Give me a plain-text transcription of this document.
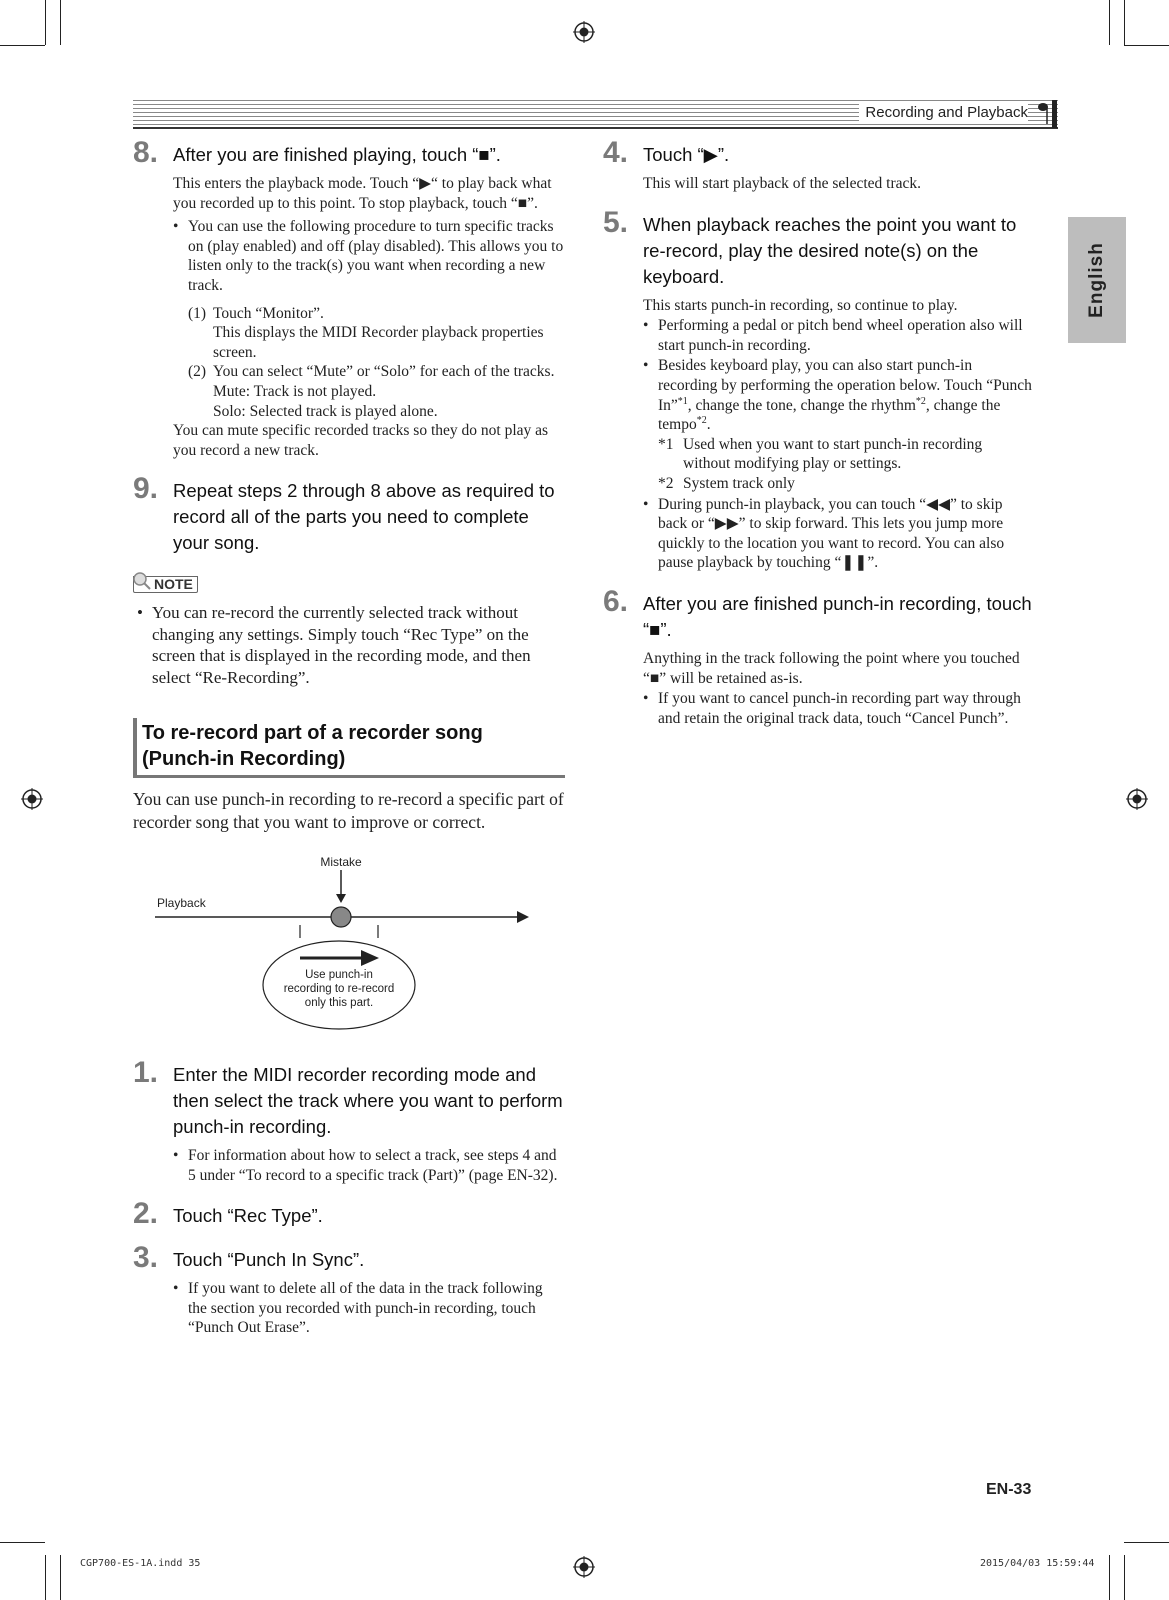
Recording and Playback
English
8. After you are finished playing, touch “■”.
This enters the playback mode. Touch “▶“ to play back what you recorded up to this point. To stop playback, touch “■”.
• You can use the following procedure to turn specific tracks on (play enabled) and off (play disabled). This allows you to listen only to the track(s) you want when recording a new track.
(1) Touch “Monitor”.
This displays the MIDI Recorder playback properties screen.
(2) You can select “Mute” or “Solo” for each of the tracks.
Mute: Track is not played.
Solo: Selected track is played alone.
You can mute specific recorded tracks so they do not play as you record a new track.
9. Repeat steps 2 through 8 above as required to record all of the parts you need to complete your song.
NOTE
• You can re-record the currently selected track without changing any settings. Simply touch “Rec Type” on the screen that is displayed in the recording mode, and then select “Re-Recording”.
To re-record part of a recorder song
(Punch-in Recording)
You can use punch-in recording to re-record a specific part of recorder song that you want to improve or correct.
Mistake
Playback
Use punch-in
recording to re-record
only this part.
1. Enter the MIDI recorder recording mode and then select the track where you want to perform punch-in recording.
• For information about how to select a track, see steps 4 and 5 under “To record to a specific track (Part)” (page EN-32).
2. Touch “Rec Type”.
3. Touch “Punch In Sync”.
• If you want to delete all of the data in the track following the section you recorded with punch-in recording, touch “Punch Out Erase”.
4. Touch “▶”.
This will start playback of the selected track.
5. When playback reaches the point you want to re-record, play the desired note(s) on the keyboard.
This starts punch-in recording, so continue to play.
• Performing a pedal or pitch bend wheel operation also will start punch-in recording.
• Besides keyboard play, you can also start punch-in recording by performing the operation below. Touch “Punch In”$^{*1}$, change the tone, change the rhythm$^{*2}$, change the tempo$^{*2}$.
*1 Used when you want to start punch-in recording without modifying play or settings.
*2 System track only
• During punch-in playback, you can touch “◀◀” to skip back or “▶▶” to skip forward. This lets you jump more quickly to the location you want to record. You can also pause playback by touching “❚❚”.
6. After you are finished punch-in recording, touch “■”.
Anything in the track following the point where you touched “■” will be retained as-is.
• If you want to cancel punch-in recording part way through and retain the original track data, touch “Cancel Punch”.
EN-33
CGP700-ES-1A.indd 35	2015/04/03 15:59:44
